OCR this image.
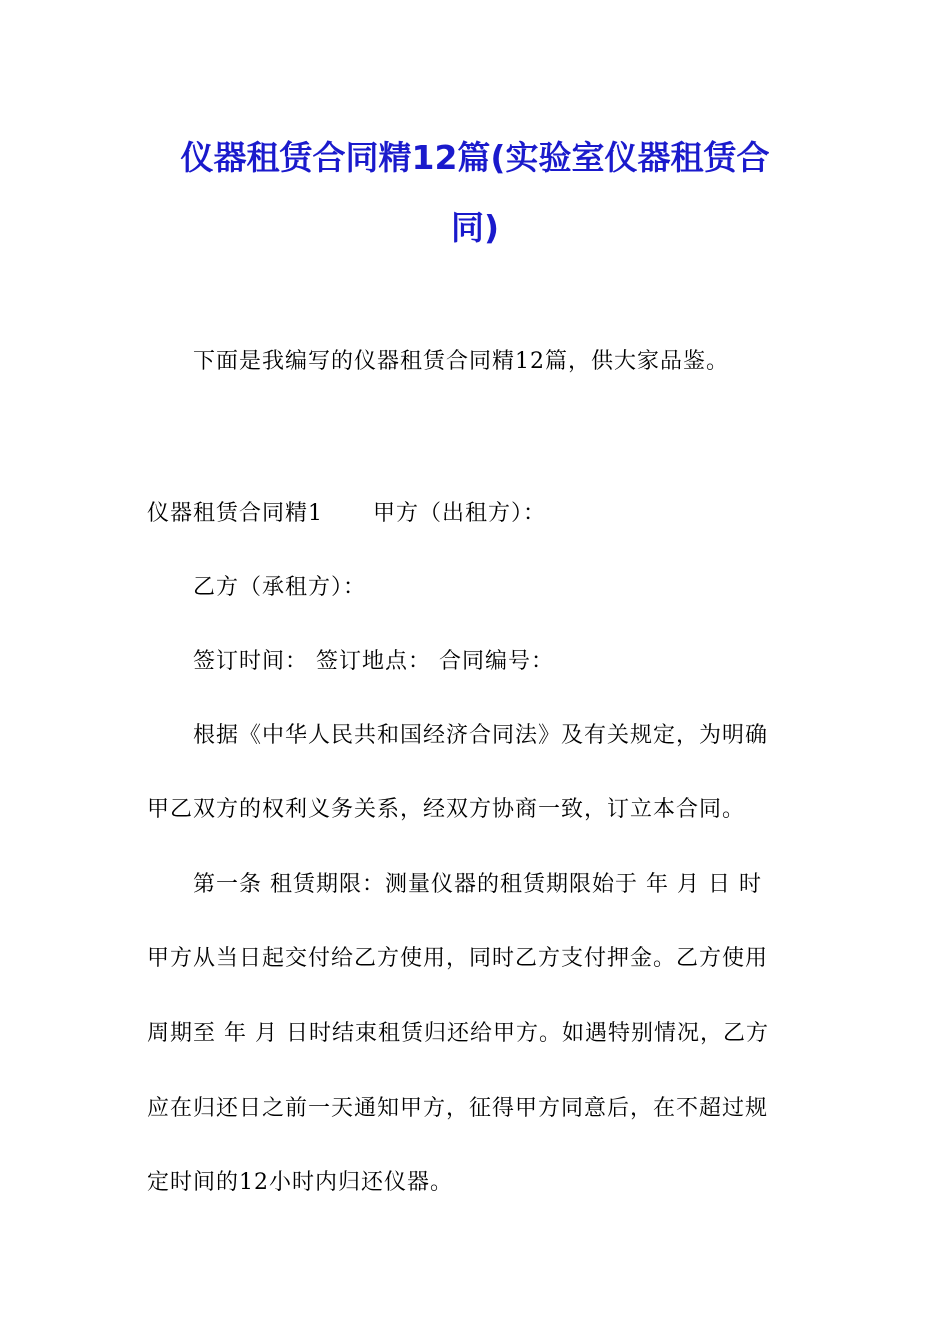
仪器租赁合同精12篇(实验室仪器租赁合
同)

下面是我编写的仪器租赁合同精12篇，供大家品鉴。

仪器租赁合同精1 甲方（出租方）：

乙方（承租方）：

签订时间： 签订地点： 合同编号：

根据《中华人民共和国经济合同法》及有关规定，为明确

甲乙双方的权利义务关系，经双方协商一致，订立本合同。

第一条 租赁期限：测量仪器的租赁期限始于 年 月 日 时

甲方从当日起交付给乙方使用，同时乙方支付押金。乙方使用

周期至 年 月 日时结束租赁归还给甲方。如遇特别情况，乙方

应在归还日之前一天通知甲方，征得甲方同意后，在不超过规

定时间的12小时内归还仪器。
